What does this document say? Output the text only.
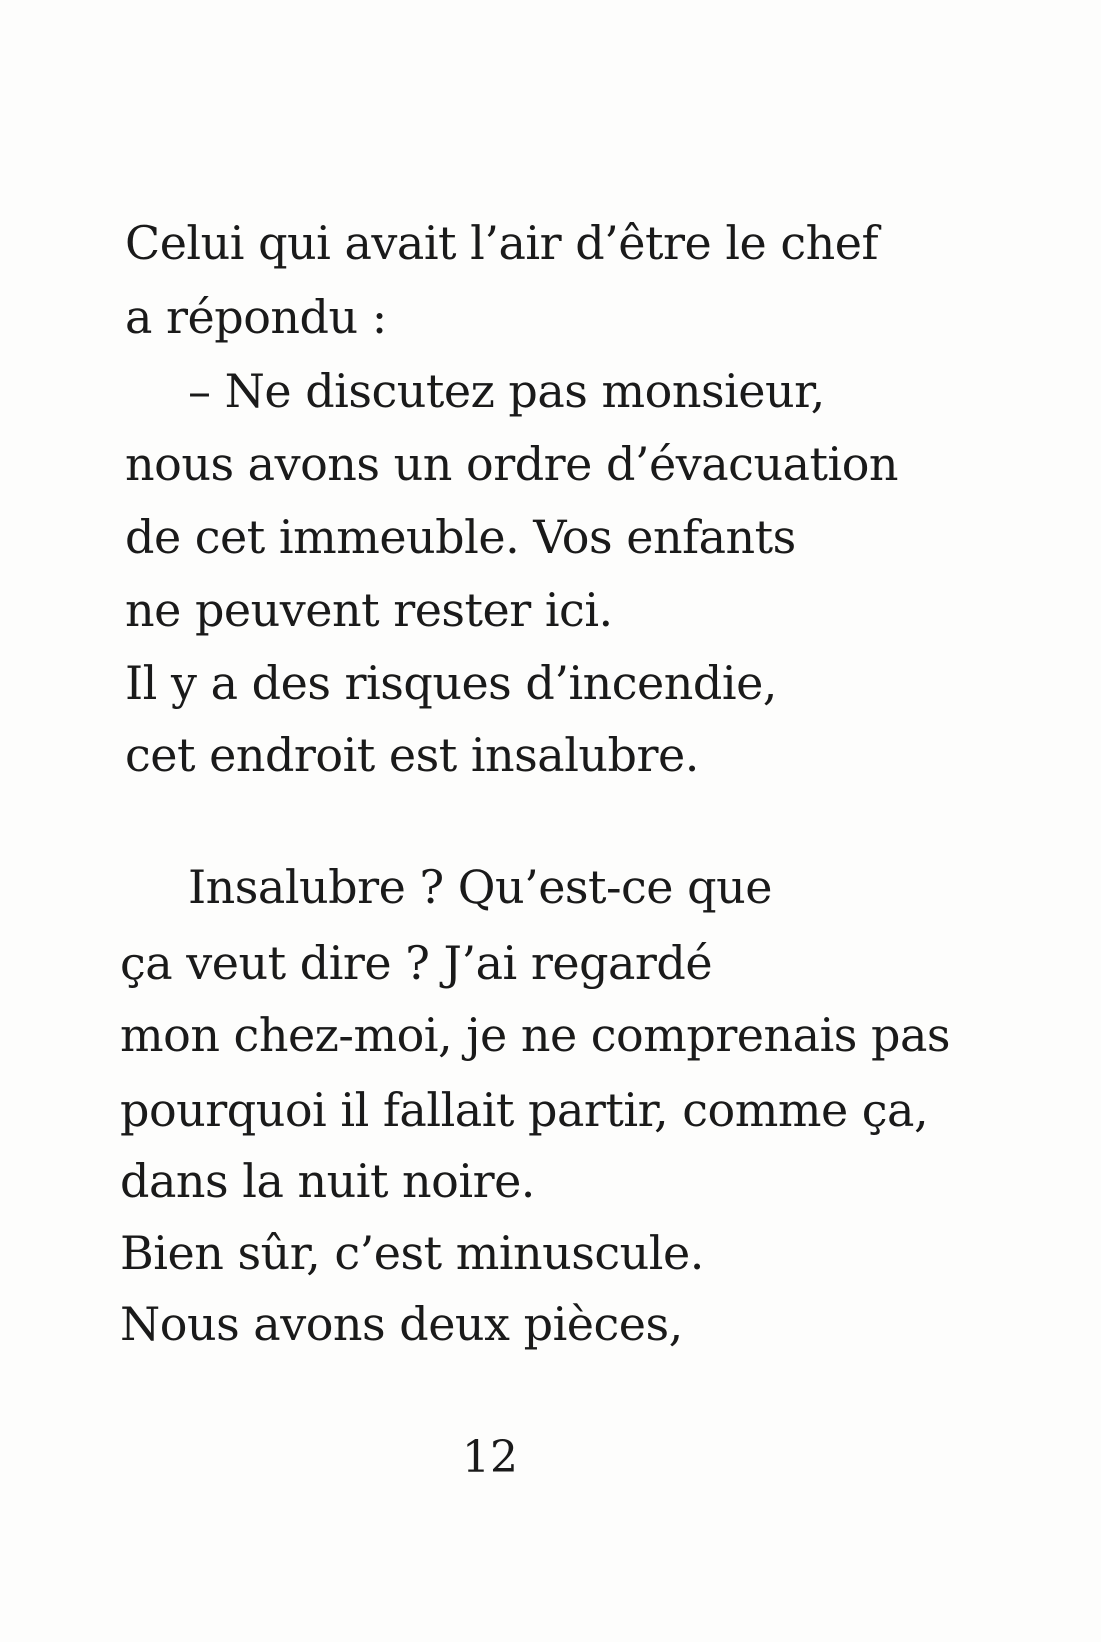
Celui qui avait l’air d’être le chef
a répondu :
– Ne discutez pas monsieur,
nous avons un ordre d’évacuation
de cet immeuble. Vos enfants
ne peuvent rester ici.
Il y a des risques d’incendie,
cet endroit est insalubre.
Insalubre ? Qu’est-ce que
ça veut dire ? J’ai regardé
mon chez-moi, je ne comprenais pas
pourquoi il fallait partir, comme ça,
dans la nuit noire.
Bien sûr, c’est minuscule.
Nous avons deux pièces,
12
